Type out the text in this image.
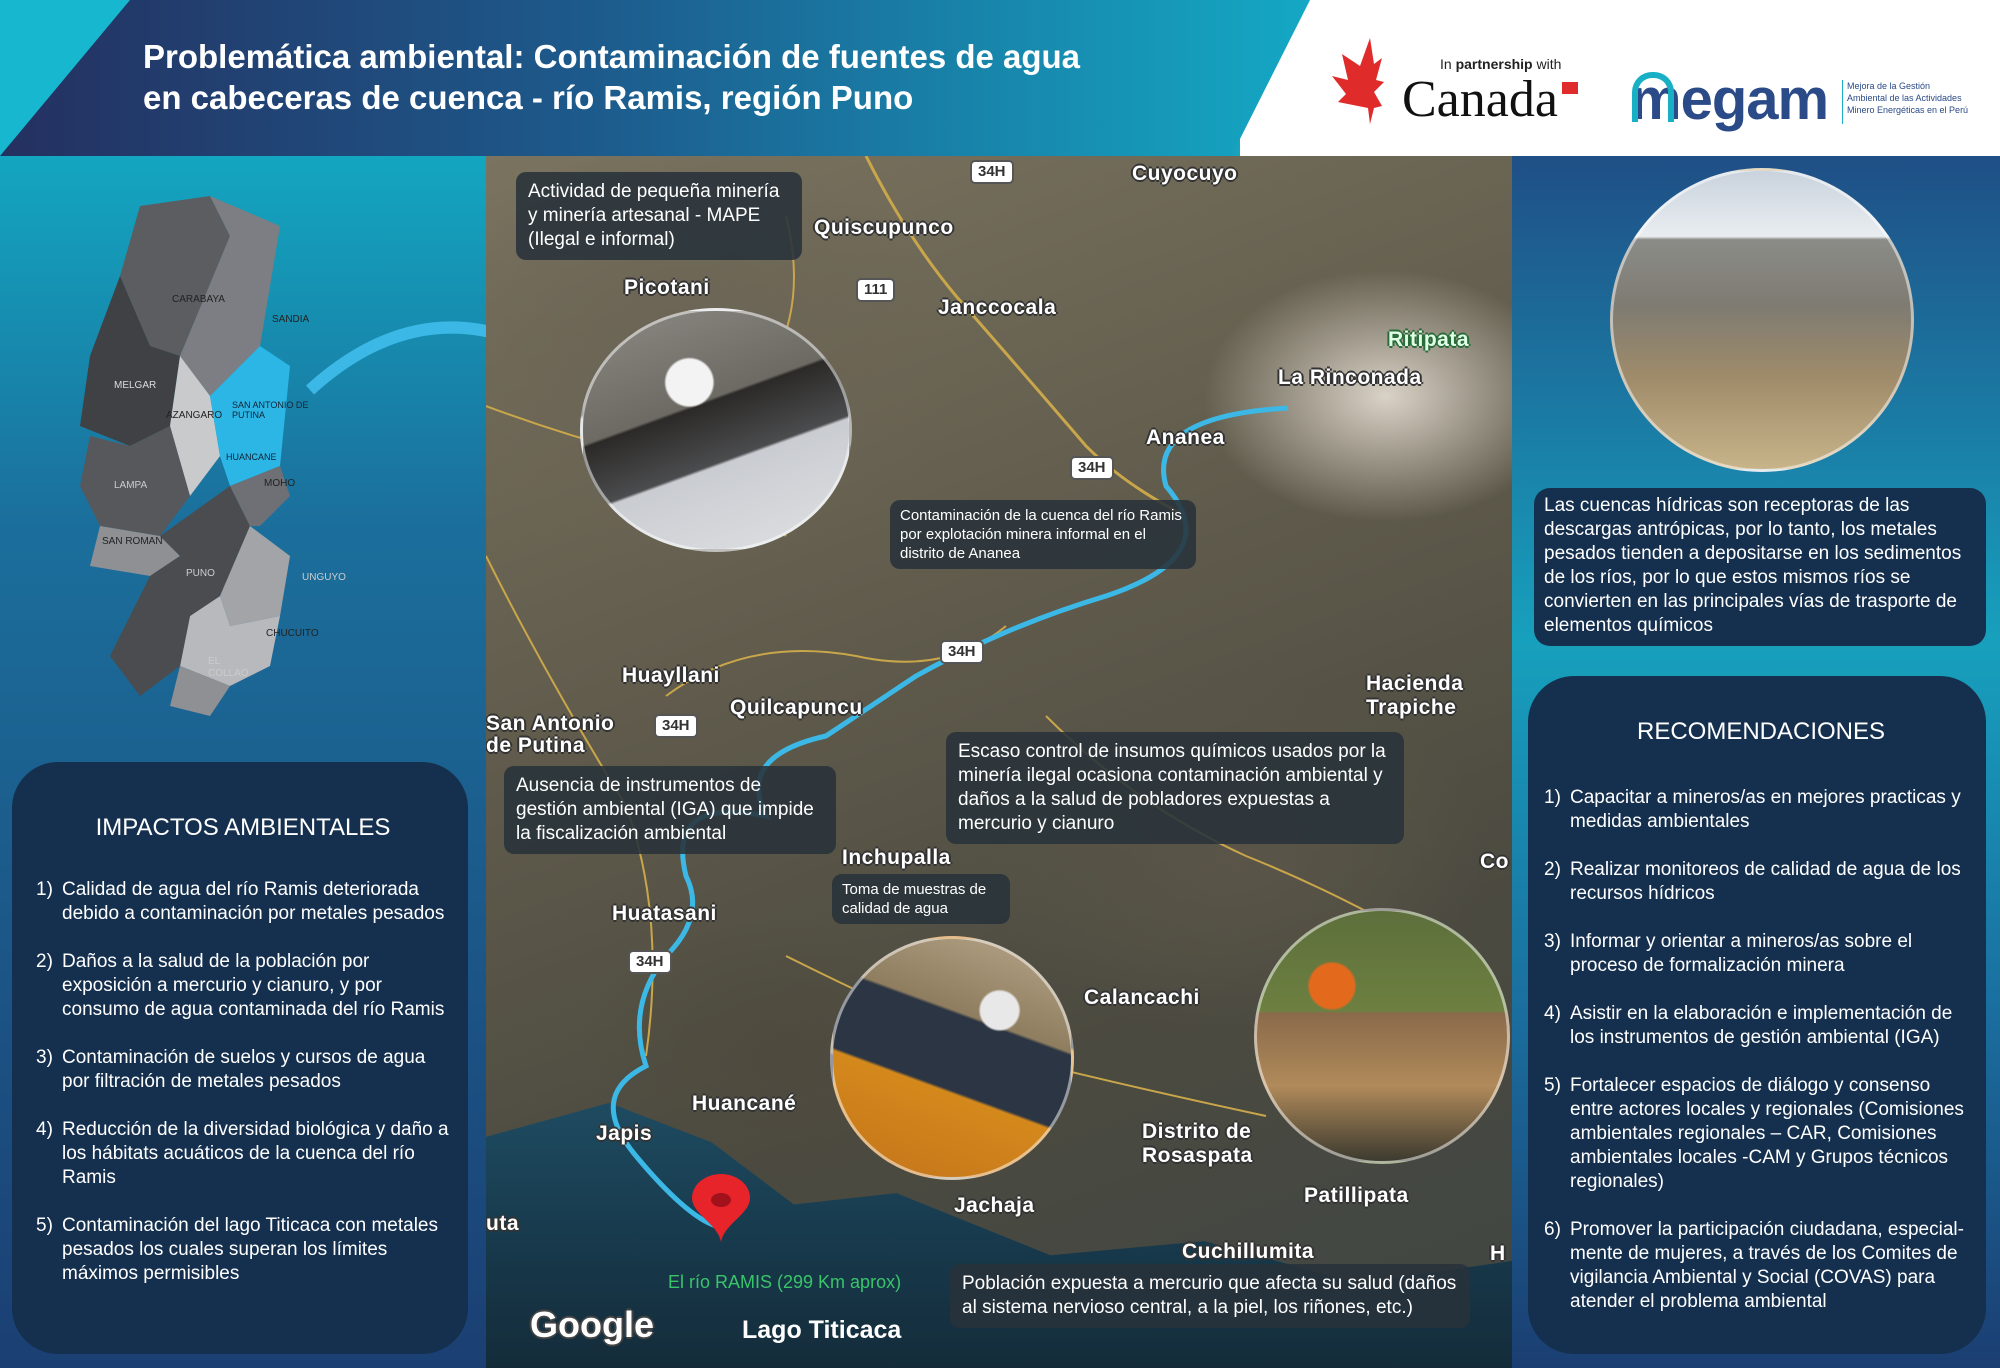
Problemática ambiental: Contaminación de fuentes de agua
en cabeceras de cuenca - río Ramis, región Puno
In partnership with
Canada megam Mejora de la Gestión
Ambiental de las Actividades
Minero Energéticas en el Perú
CARABAYA
SANDIA
MELGAR
AZANGARO
SAN ANTONIO DE PUTINA
HUANCANE
MOHO
LAMPA
SAN ROMAN
PUNO	UNGUYO
CHUCUITO
EL COLLAO
Cuyocuyo
Quiscupunco
Picotani
Janccocala
Ritipata
La Rinconada
Ananea
Huayllani
Quilcapuncu
San Antonio
de Putina
Hacienda
Trapiche
Inchupalla
Huatasani
Calancachi
Huancané
Japis	Distrito de
Rosaspata
Jachaja	Patillipata
Cuchillumita
uta
Co
H
34H
111
34H
34H
34H
34H
Actividad de pequeña minería y minería artesanal - MAPE (Ilegal e informal)
Contaminación de la cuenca del río Ramis por explotación minera informal en el distrito de Ananea
Ausencia de instrumentos de gestión ambiental (IGA) que impide la fiscalización ambiental
Escaso control de insumos químicos usados por la minería ilegal ocasiona contaminación ambiental y daños a la salud de pobladores expuestas a mercurio y cianuro
Toma de muestras de calidad de agua
Población expuesta a mercurio que afecta su salud (daños al sistema nervioso central, a la piel, los riñones, etc.)
El río RAMIS (299 Km aprox)
Google	Lago Titicaca
IMPACTOS AMBIENTALES
1) Calidad de agua del río Ramis deteriorada debido a contaminación por metales pesados
2) Daños a la salud de la población por exposición a mercurio y cianuro, y por consumo de agua contaminada del río Ramis
3) Contaminación de suelos y cursos de agua por filtración de metales pesados
4) Reducción de la diversidad biológica y daño a los hábitats acuáticos de la cuenca del río Ramis
5) Contaminación del lago Titicaca con metales pesados los cuales superan los límites máximos permisibles
Las cuencas hídricas son receptoras de las descargas antrópicas, por lo tanto, los metales pesados tienden a depositarse en los sedimentos de los ríos, por lo que estos mismos ríos se convierten en las principales vías de trasporte de elementos químicos
RECOMENDACIONES
1) Capacitar a mineros/as en mejores practicas y medidas ambientales
2) Realizar monitoreos de calidad de agua de los recursos hídricos
3) Informar y orientar a mineros/as sobre el proceso de formalización minera
4) Asistir en la elaboración e implementación de los instrumentos de gestión ambiental (IGA)
5) Fortalecer espacios de diálogo y consenso entre actores locales y regionales (Comisiones ambientales regionales – CAR, Comisiones ambientales locales -CAM y Grupos técnicos regionales)
6) Promover la participación ciudadana, especial-mente de mujeres, a través de los Comites de vigilancia Ambiental y Social (COVAS) para atender el problema ambiental
